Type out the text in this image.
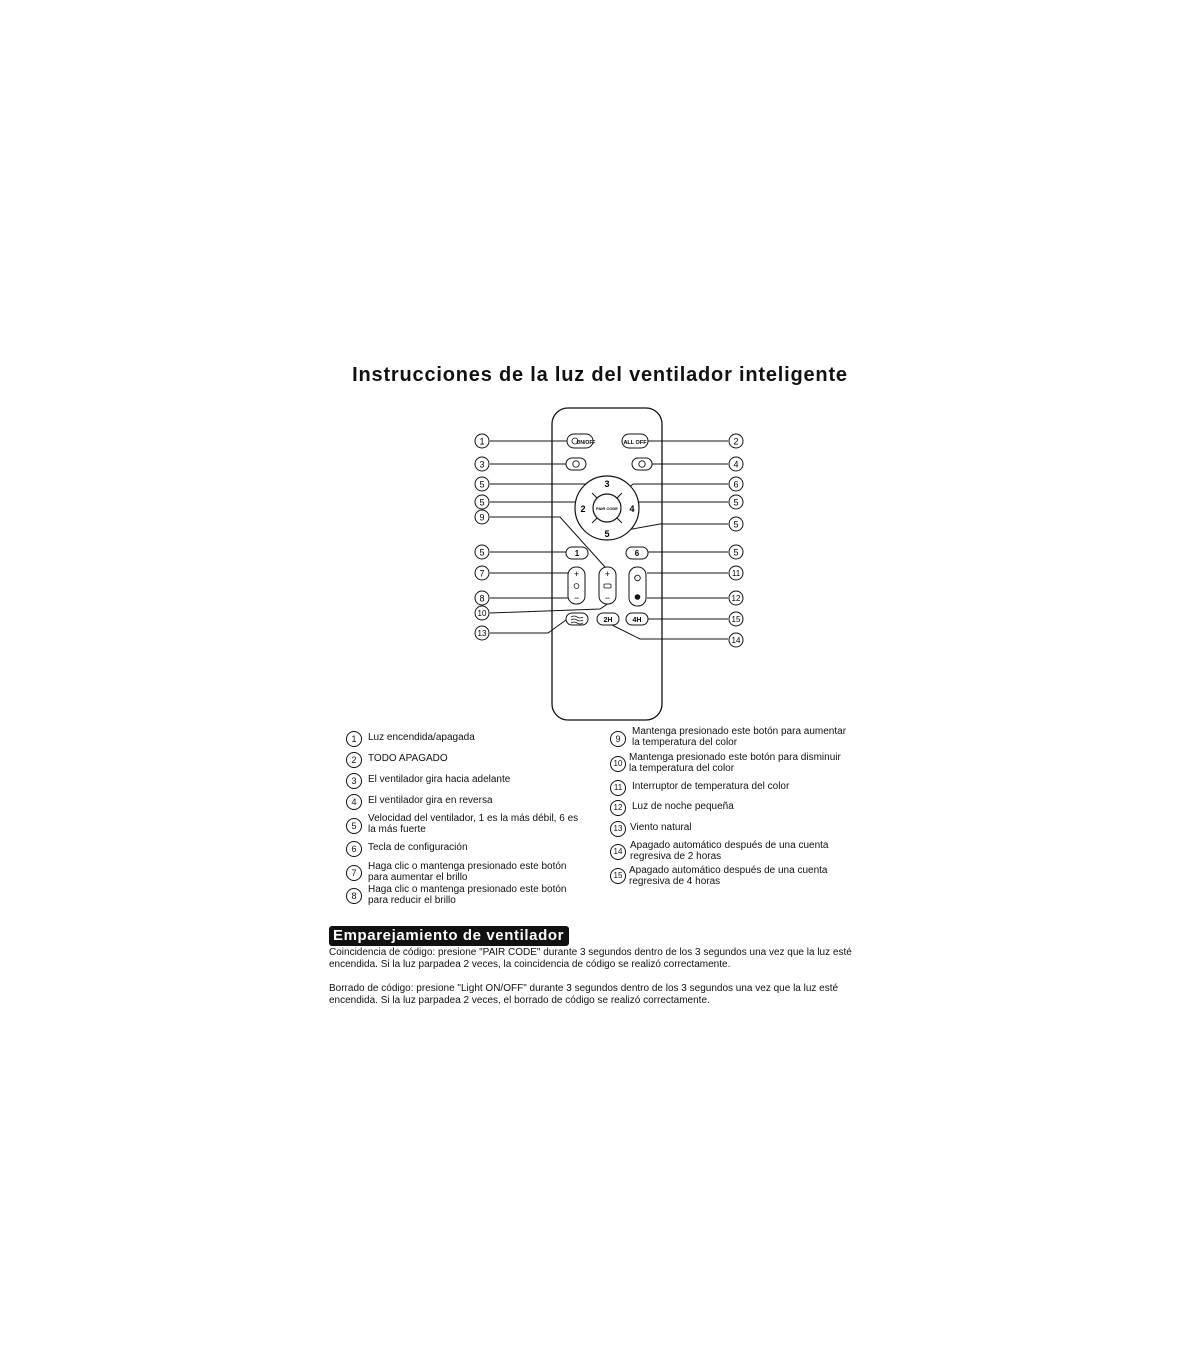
Instrucciones de la luz del ventilador inteligente
ON/OFF	ALL OFF
3
2	4
5
PAIR CODE
1	6
+
−
+
−
2H	4H
1
3
5
5
9
5
7
8
10
13
2
4
6
5
5
5
11
12
15
14
1	Luz encendida/apagada
2	TODO APAGADO
3	El ventilador gira hacia adelante
4	El ventilador gira en reversa
5
Velocidad del ventilador, 1 es la más débil, 6 es
la más fuerte
6	Tecla de configuración
7
Haga clic o mantenga presionado este botón
para aumentar el brillo
8
Haga clic o mantenga presionado este botón
para reducir el brillo
9
Mantenga presionado este botón para aumentar
la temperatura del color
10
Mantenga presionado este botón para disminuir
la temperatura del color
11 Interruptor de temperatura del color
12 Luz de noche pequeña
13 Viento natural
14
Apagado automático después de una cuenta
regresiva de 2 horas
15 Apagado automático después de una cuenta
regresiva de 4 horas
Emparejamiento de ventilador
Coincidencia de código: presione "PAIR CODE" durante 3 segundos dentro de los 3 segundos una vez que la luz esté encendida. Si la luz parpadea 2 veces, la coincidencia de código se realizó correctamente.
Borrado de código: presione "Light ON/OFF" durante 3 segundos dentro de los 3 segundos una vez que la luz esté encendida. Si la luz parpadea 2 veces, el borrado de código se realizó correctamente.
